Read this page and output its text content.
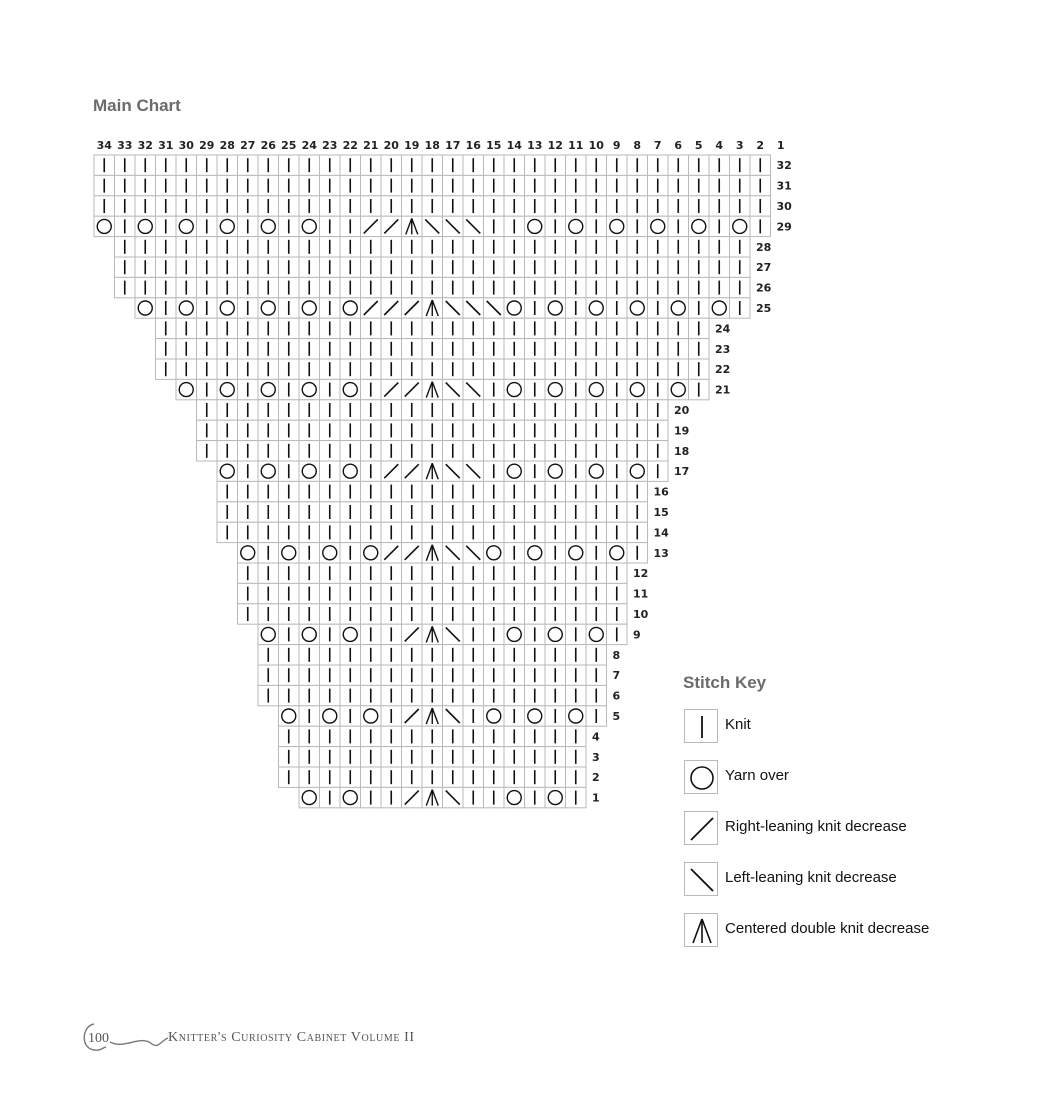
Main Chart
34 33 32 31 30 29 28 27 26 25 24 23 22 21 20 19 18 17 16 15 14 13 12 11 10 9 8 7 6 5 4 3 2 1
32
31
30
29
28
27
26
25
24
23
22
21
20
19
18
17
16
15
14
13
12
11
10
9
8
7
6
5
4
3
2
1
Stitch Key
Knit
Yarn over
Right-leaning knit decrease
Left-leaning knit decrease
Centered double knit decrease
100	Knitter's Curiosity Cabinet Volume II
